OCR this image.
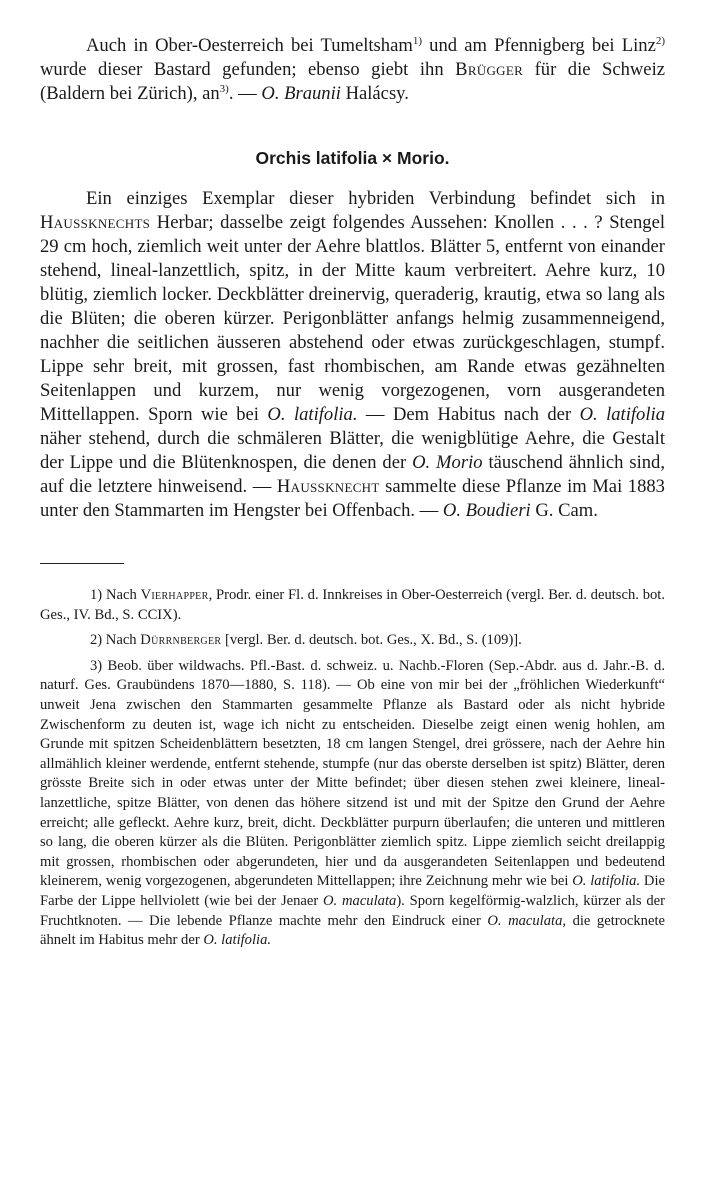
Auch in Ober-Oesterreich bei Tumeltsham$^{1)}$ und am Pfennigberg bei Linz$^{2)}$ wurde dieser Bastard gefunden; ebenso giebt ihn Brügger für die Schweiz (Baldern bei Zürich), $an^{3)}$. — O. Braunii Halácsy.

Orchis latifolia × Morio.

Ein einziges Exemplar dieser hybriden Verbindung befindet sich in Haussknechts Herbar; dasselbe zeigt folgendes Aussehen: Knollen . . . ? Stengel 29 cm hoch, ziemlich weit unter der Aehre blattlos. Blätter 5, entfernt von einander stehend, lineal-lanzettlich, spitz, in der Mitte kaum verbreitert. Aehre kurz, 10 blütig, ziemlich locker. Deckblätter dreinervig, queraderig, krautig, etwa so lang als die Blüten; die oberen kürzer. Perigonblätter anfangs helmig zusammenneigend, nachher die seitlichen äusseren abstehend oder etwas zurückgeschlagen, stumpf. Lippe sehr breit, mit grossen, fast rhombischen, am Rande etwas gezähnelten Seitenlappen und kurzem, nur wenig vorgezogenen, vorn ausgerandeten Mittellappen. Sporn wie bei O. latifolia. — Dem Habitus nach der O. latifolia näher stehend, durch die schmäleren Blätter, die wenigblütige Aehre, die Gestalt der Lippe und die Blütenknospen, die denen der O. Morio täuschend ähnlich sind, auf die letztere hinweisend. — Haussknecht sammelte diese Pflanze im Mai 1883 unter den Stammarten im Hengster bei Offenbach. — O. Boudieri G. Cam.

1) Nach Vierhapper, Prodr. einer Fl. d. Innkreises in Ober-Oesterreich (vergl. Ber. d. deutsch. bot. Ges., IV. Bd., S. CCIX).

2) Nach Dürrnberger [vergl. Ber. d. deutsch. bot. Ges., X. Bd., S. (109)].

3) Beob. über wildwachs. Pfl.-Bast. d. schweiz. u. Nachb.-Floren (Sep.-Abdr. aus d. Jahr.-B. d. naturf. Ges. Graubündens 1870—1880, S. 118). — Ob eine von mir bei der „fröhlichen Wiederkunft“ unweit Jena zwischen den Stammarten gesammelte Pflanze als Bastard oder als nicht hybride Zwischenform zu deuten ist, wage ich nicht zu entscheiden. Dieselbe zeigt einen wenig hohlen, am Grunde mit spitzen Scheidenblättern besetzten, 18 cm langen Stengel, drei grössere, nach der Aehre hin allmählich kleiner werdende, entfernt stehende, stumpfe (nur das oberste derselben ist spitz) Blätter, deren grösste Breite sich in oder etwas unter der Mitte befindet; über diesen stehen zwei kleinere, lineal-lanzettliche, spitze Blätter, von denen das höhere sitzend ist und mit der Spitze den Grund der Aehre erreicht; alle gefleckt. Aehre kurz, breit, dicht. Deckblätter purpurn überlaufen; die unteren und mittleren so lang, die oberen kürzer als die Blüten. Perigonblätter ziemlich spitz. Lippe ziemlich seicht dreilappig mit grossen, rhombischen oder abgerundeten, hier und da ausgerandeten Seitenlappen und bedeutend kleinerem, wenig vorgezogenen, abgerundeten Mittellappen; ihre Zeichnung mehr wie bei O. latifolia. Die Farbe der Lippe hellviolett (wie bei der Jenaer O. maculata). Sporn kegelförmig-walzlich, kürzer als der Fruchtknoten. — Die lebende Pflanze machte mehr den Eindruck einer O. maculata, die getrocknete ähnelt im Habitus mehr der O. latifolia.
